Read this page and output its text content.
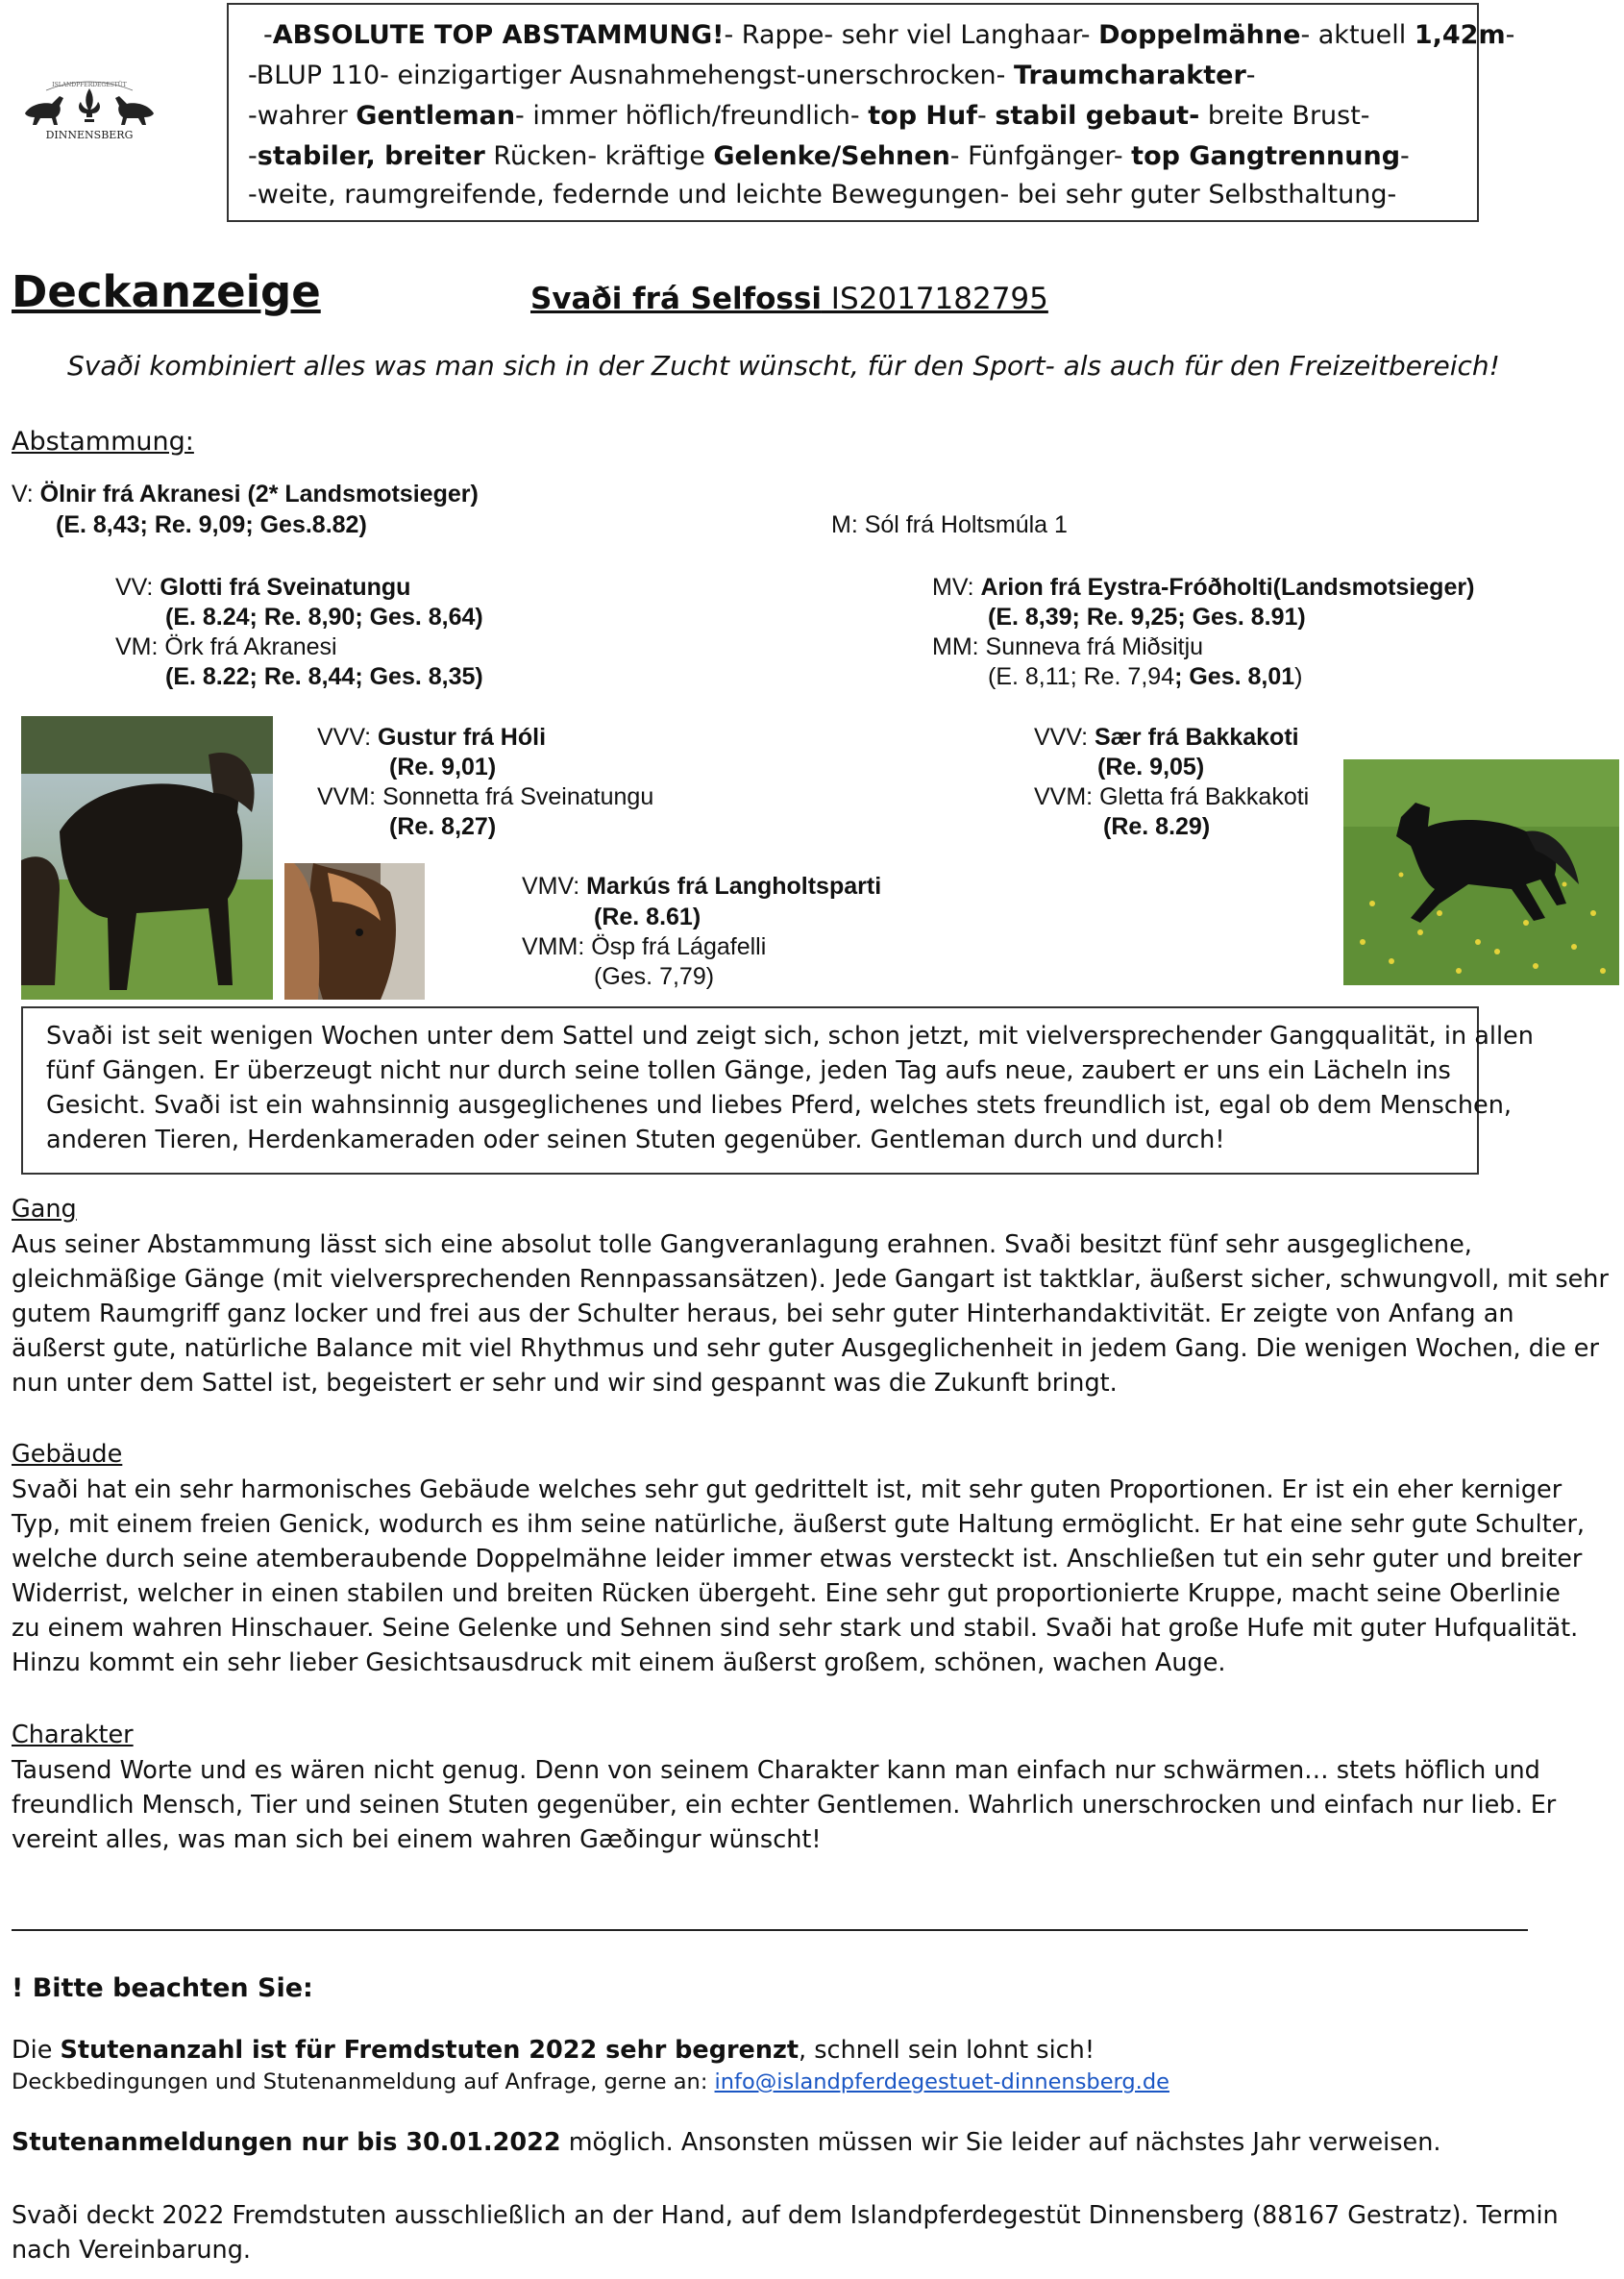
ISLANDPFERDEGESTÜT
DINNENSBERG
-ABSOLUTE TOP ABSTAMMUNG!- Rappe- sehr viel Langhaar- Doppelmähne- aktuell 1,42m-
-BLUP 110- einzigartiger Ausnahmehengst-unerschrocken- Traumcharakter-
-wahrer Gentleman- immer höflich/freundlich- top Huf- stabil gebaut- breite Brust-
-stabiler, breiter Rücken- kräftige Gelenke/Sehnen- Fünfgänger- top Gangtrennung-
-weite, raumgreifende, federnde und leichte Bewegungen- bei sehr guter Selbsthaltung-
Deckanzeige	Svaði frá Selfossi IS2017182795
Svaði kombiniert alles was man sich in der Zucht wünscht, für den Sport- als auch für den Freizeitbereich!
Abstammung:
V: Ölnir frá Akranesi (2* Landsmotsieger)
(E. 8,43; Re. 9,09; Ges.8.82)	M: Sól frá Holtsmúla 1
VV: Glotti frá Sveinatungu
(E. 8.24; Re. 8,90; Ges. 8,64)
VM: Örk frá Akranesi
(E. 8.22; Re. 8,44; Ges. 8,35)
MV: Arion frá Eystra-Fróðholti(Landsmotsieger)
(E. 8,39; Re. 9,25; Ges. 8.91)
MM: Sunneva frá Miðsitju
(E. 8,11; Re. 7,94; Ges. 8,01)
VVV: Gustur frá Hóli
(Re. 9,01)
VVM: Sonnetta frá Sveinatungu
(Re. 8,27)
VVV: Sær frá Bakkakoti
(Re. 9,05)
VVM: Gletta frá Bakkakoti
(Re. 8.29)
VMV: Markús frá Langholtsparti
(Re. 8.61)
VMM: Ösp frá Lágafelli
(Ges. 7,79)
Svaði ist seit wenigen Wochen unter dem Sattel und zeigt sich, schon jetzt, mit vielversprechender Gangqualität, in allen
fünf Gängen. Er überzeugt nicht nur durch seine tollen Gänge, jeden Tag aufs neue, zaubert er uns ein Lächeln ins
Gesicht. Svaði ist ein wahnsinnig ausgeglichenes und liebes Pferd, welches stets freundlich ist, egal ob dem Menschen,
anderen Tieren, Herdenkameraden oder seinen Stuten gegenüber. Gentleman durch und durch!
Gang
Aus seiner Abstammung lässt sich eine absolut tolle Gangveranlagung erahnen. Svaði besitzt fünf sehr ausgeglichene,
gleichmäßige Gänge (mit vielversprechenden Rennpassansätzen). Jede Gangart ist taktklar, äußerst sicher, schwungvoll, mit sehr
gutem Raumgriff ganz locker und frei aus der Schulter heraus, bei sehr guter Hinterhandaktivität. Er zeigte von Anfang an
äußerst gute, natürliche Balance mit viel Rhythmus und sehr guter Ausgeglichenheit in jedem Gang. Die wenigen Wochen, die er
nun unter dem Sattel ist, begeistert er sehr und wir sind gespannt was die Zukunft bringt.
Gebäude
Svaði hat ein sehr harmonisches Gebäude welches sehr gut gedrittelt ist, mit sehr guten Proportionen. Er ist ein eher kerniger
Typ, mit einem freien Genick, wodurch es ihm seine natürliche, äußerst gute Haltung ermöglicht. Er hat eine sehr gute Schulter,
welche durch seine atemberaubende Doppelmähne leider immer etwas versteckt ist. Anschließen tut ein sehr guter und breiter
Widerrist, welcher in einen stabilen und breiten Rücken übergeht. Eine sehr gut proportionierte Kruppe, macht seine Oberlinie
zu einem wahren Hinschauer. Seine Gelenke und Sehnen sind sehr stark und stabil. Svaði hat große Hufe mit guter Hufqualität.
Hinzu kommt ein sehr lieber Gesichtsausdruck mit einem äußerst großem, schönen, wachen Auge.
Charakter
Tausend Worte und es wären nicht genug. Denn von seinem Charakter kann man einfach nur schwärmen… stets höflich und
freundlich Mensch, Tier und seinen Stuten gegenüber, ein echter Gentlemen. Wahrlich unerschrocken und einfach nur lieb. Er
vereint alles, was man sich bei einem wahren Gæðingur wünscht!
! Bitte beachten Sie:
Die Stutenanzahl ist für Fremdstuten 2022 sehr begrenzt, schnell sein lohnt sich!
Deckbedingungen und Stutenanmeldung auf Anfrage, gerne an: info@islandpferdegestuet-dinnensberg.de
Stutenanmeldungen nur bis 30.01.2022 möglich. Ansonsten müssen wir Sie leider auf nächstes Jahr verweisen.
Svaði deckt 2022 Fremdstuten ausschließlich an der Hand, auf dem Islandpferdegestüt Dinnensberg (88167 Gestratz). Termin
nach Vereinbarung.
